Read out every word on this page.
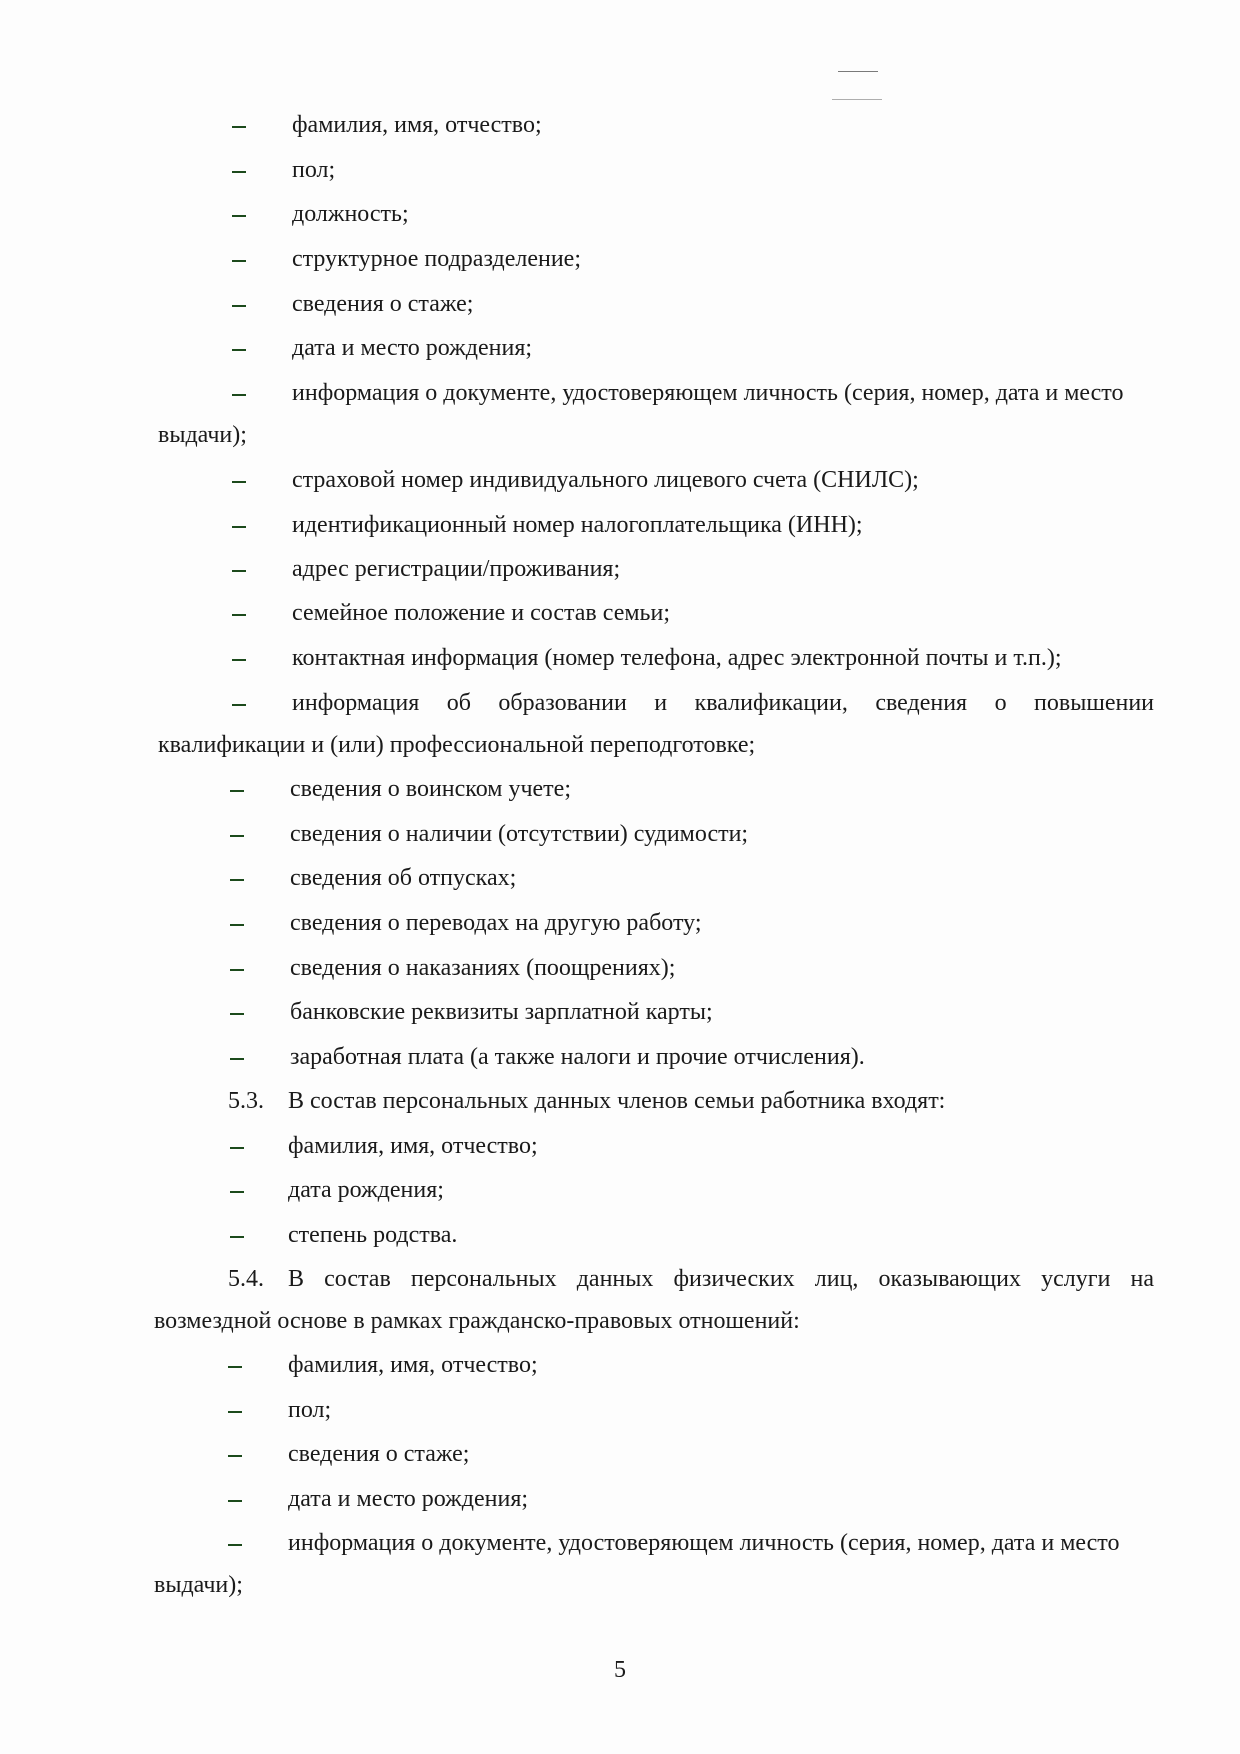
фамилия, имя, отчество;
пол;
должность;
структурное подразделение;
сведения о стаже;
дата и место рождения;
информация о документе, удостоверяющем личность (серия, номер, дата и место
выдачи);
страховой номер индивидуального лицевого счета (СНИЛС);
идентификационный номер налогоплательщика (ИНН);
адрес регистрации/проживания;
семейное положение и состав семьи;
контактная информация (номер телефона, адрес электронной почты и т.п.);
информация об образовании и квалификации, сведения о повышении
квалификации и (или) профессиональной переподготовке;
сведения о воинском учете;
сведения о наличии (отсутствии) судимости;
сведения об отпусках;
сведения о переводах на другую работу;
сведения о наказаниях (поощрениях);
банковские реквизиты зарплатной карты;
заработная плата (а также налоги и прочие отчисления).
5.3. В состав персональных данных членов семьи работника входят:
фамилия, имя, отчество;
дата рождения;
степень родства.
5.4. В состав персональных данных физических лиц, оказывающих услуги на
возмездной основе в рамках гражданско-правовых отношений:
фамилия, имя, отчество;
пол;
сведения о стаже;
дата и место рождения;
информация о документе, удостоверяющем личность (серия, номер, дата и место
выдачи);
5
